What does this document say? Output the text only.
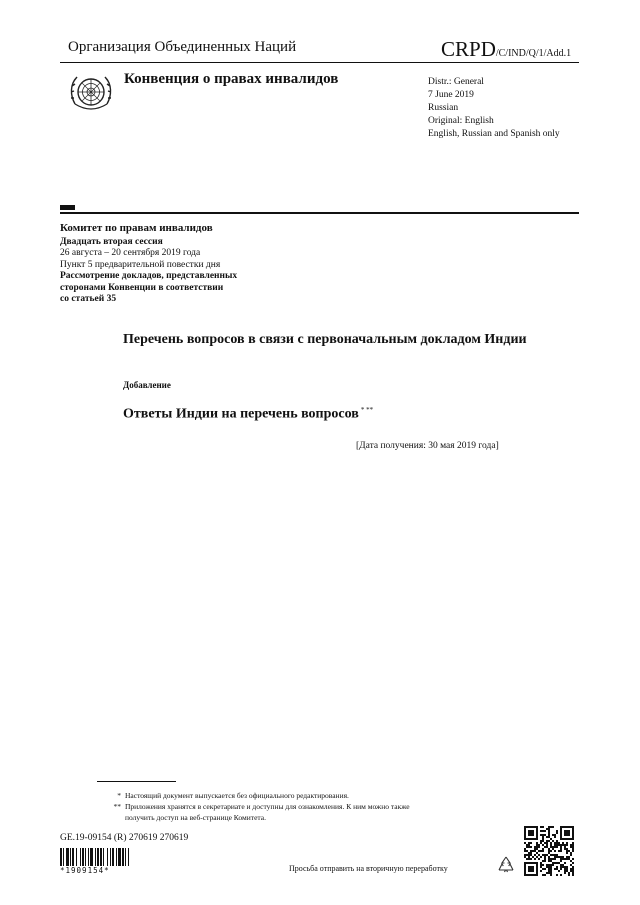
Организация Объединенных Наций	CRPD/C/IND/Q/1/Add.1
Конвенция о правах инвалидов	Distr.: General
7 June 2019
Russian
Original: English
English, Russian and Spanish only
Комитет по правам инвалидов
Двадцать вторая сессия
26 августа – 20 сентября 2019 года
Пункт 5 предварительной повестки дня
Рассмотрение докладов, представленных
сторонами Конвенции в соответствии
со статьей 35
Перечень вопросов в связи с первоначальным докладом Индии
Добавление
Ответы Индии на перечень вопросов * **
[Дата получения: 30 мая 2019 года]
* Настоящий документ выпускается без официального редактирования.
** Приложения хранятся в секретариате и доступны для ознакомления. К ним можно также
получить доступ на веб-странице Комитета.
GE.19-09154 (R) 270619 270619
*1909154*	Просьба отправить на вторичную переработку
